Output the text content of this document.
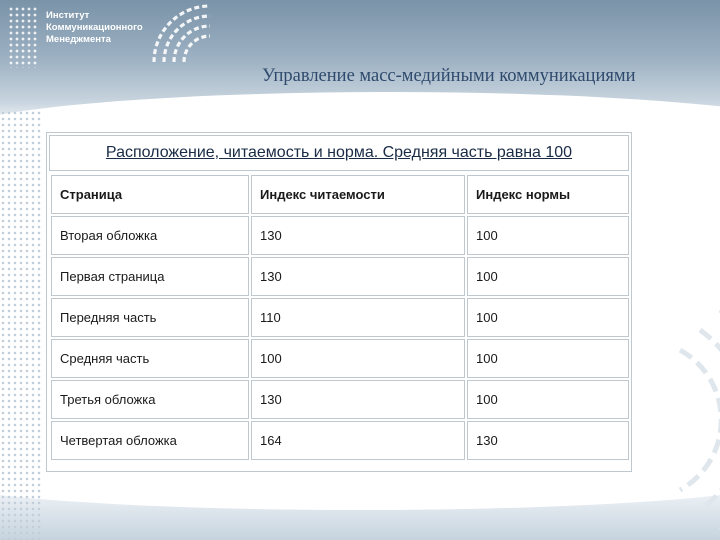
Институт
Коммуникационного
Менеджмента

Управление масс-медийными коммуникациями
Расположение, читаемость и норма. Средняя часть равна 100
Страница	Индекс читаемости	Индекс нормы
Вторая обложка	130	100
Первая страница	130	100
Передняя часть	110	100
Средняя часть	100	100
Третья обложка	130	100
Четвертая обложка	164	130
